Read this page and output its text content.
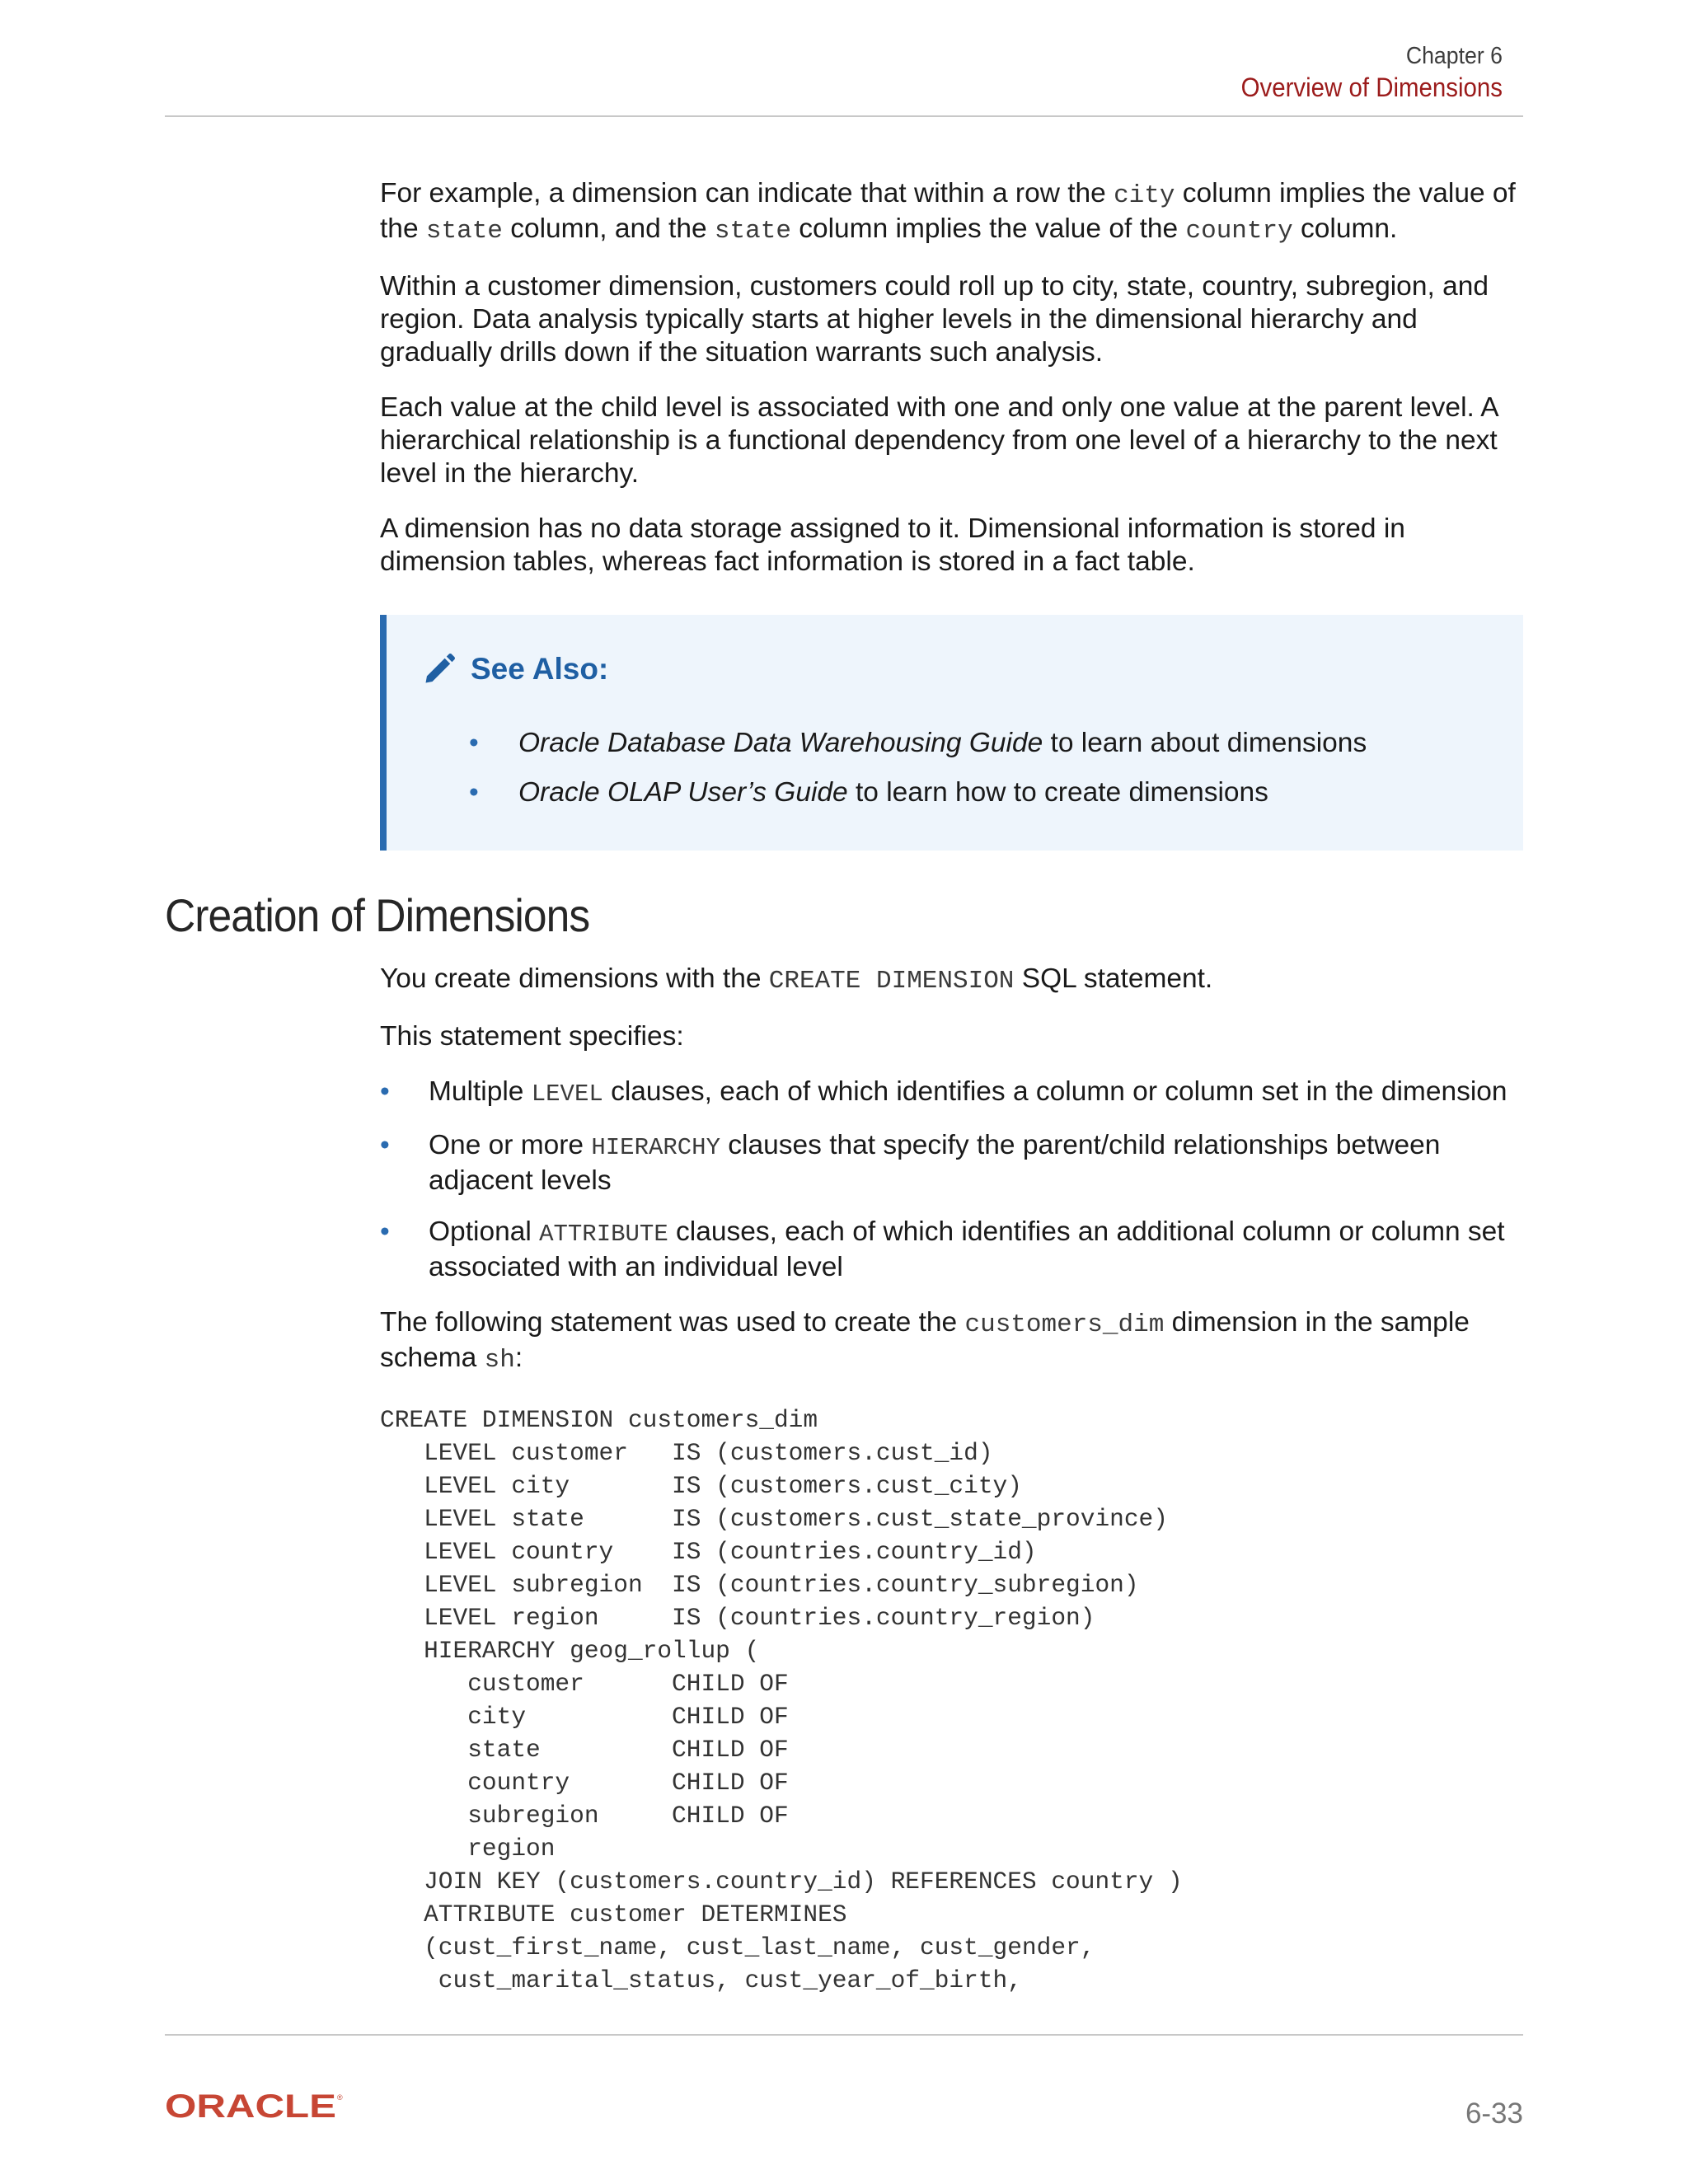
Chapter 6
Overview of Dimensions

For example, a dimension can indicate that within a row the city column implies the value of the state column, and the state column implies the value of the country column.

Within a customer dimension, customers could roll up to city, state, country, subregion, and region. Data analysis typically starts at higher levels in the dimensional hierarchy and gradually drills down if the situation warrants such analysis.

Each value at the child level is associated with one and only one value at the parent level. A hierarchical relationship is a functional dependency from one level of a hierarchy to the next level in the hierarchy.

A dimension has no data storage assigned to it. Dimensional information is stored in dimension tables, whereas fact information is stored in a fact table.

See Also:
• Oracle Database Data Warehousing Guide to learn about dimensions
• Oracle OLAP User’s Guide to learn how to create dimensions
Creation of Dimensions

You create dimensions with the CREATE DIMENSION SQL statement.

This statement specifies:

• Multiple LEVEL clauses, each of which identifies a column or column set in the dimension
• One or more HIERARCHY clauses that specify the parent/child relationships between adjacent levels
• Optional ATTRIBUTE clauses, each of which identifies an additional column or column set associated with an individual level

The following statement was used to create the customers_dim dimension in the sample schema sh:

CREATE DIMENSION customers_dim
LEVEL customer   IS (customers.cust_id)
LEVEL city       IS (customers.cust_city)
LEVEL state      IS (customers.cust_state_province)
LEVEL country    IS (countries.country_id)
LEVEL subregion  IS (countries.country_subregion)
LEVEL region     IS (countries.country_region)
HIERARCHY geog_rollup (
customer      CHILD OF
city          CHILD OF
state         CHILD OF
country       CHILD OF
subregion     CHILD OF
region
JOIN KEY (customers.country_id) REFERENCES country )
ATTRIBUTE customer DETERMINES
(cust_first_name, cust_last_name, cust_gender,
cust_marital_status, cust_year_of_birth,
ORACLE ®	6-33
